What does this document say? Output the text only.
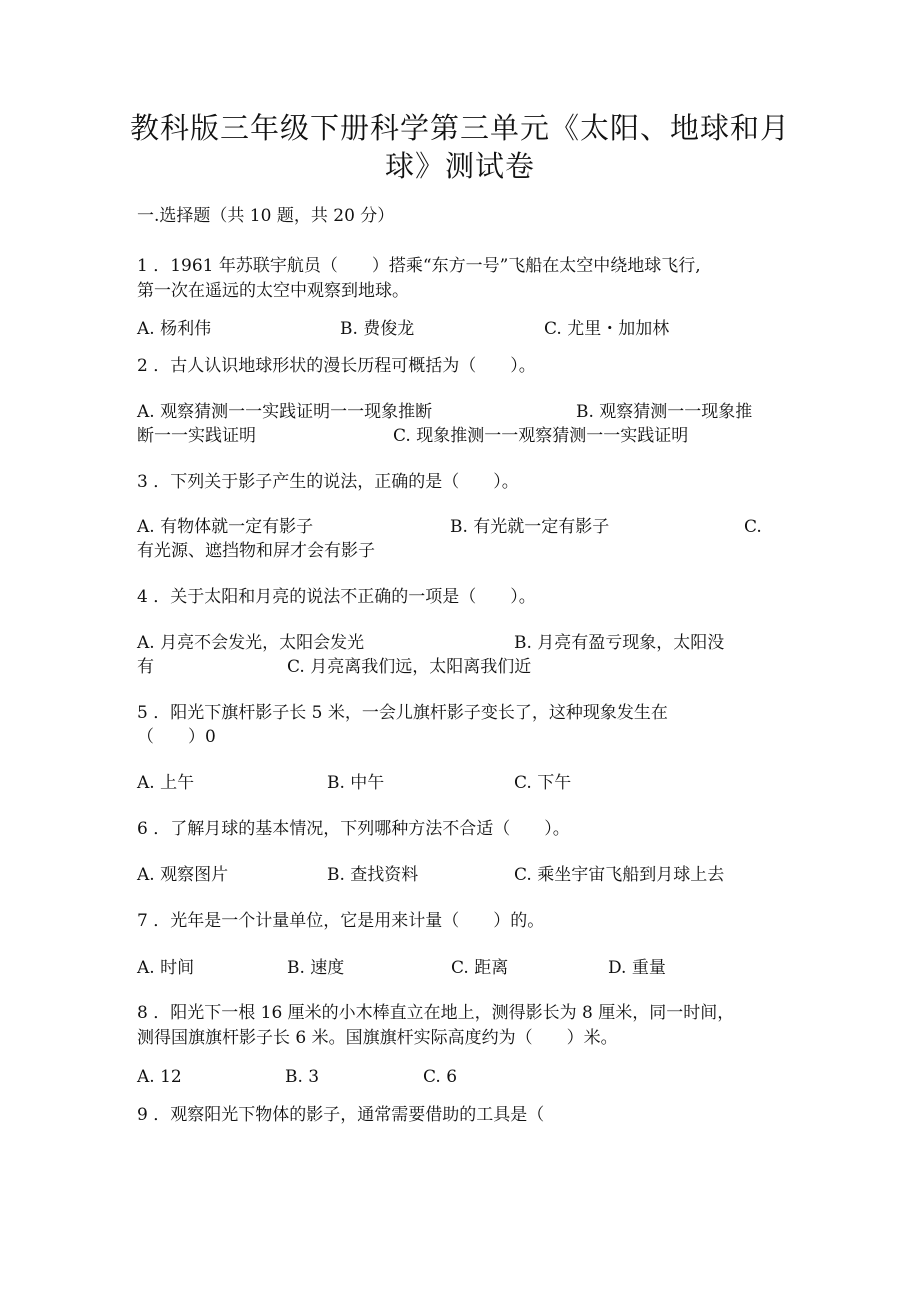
教科版三年级下册科学第三单元《太阳、地球和月
球》测试卷
一.选择题（共 10 题，共 20 分）
1 ．1961 年苏联宇航员（　　）搭乘“东方一号”飞船在太空中绕地球飞行,
第一次在遥远的太空中观察到地球。
A. 杨利伟	B. 费俊龙	C. 尤里・加加林
2 ．古人认识地球形状的漫长历程可概括为（　　）。
A. 观察猜测一一实践证明一一现象推断	B. 观察猜测一一现象推
断一一实践证明	C. 现象推测一一观察猜测一一实践证明
3 ．下列关于影子产生的说法，正确的是（　　）。
A. 有物体就一定有影子	B. 有光就一定有影子	C.
有光源、遮挡物和屏才会有影子
4 ．关于太阳和月亮的说法不正确的一项是（　　）。
A. 月亮不会发光，太阳会发光	B. 月亮有盈亏现象，太阳没
有	C. 月亮离我们远，太阳离我们近
5 ．阳光下旗杆影子长 5 米，一会儿旗杆影子变长了，这种现象发生在
（　　）0
A. 上午	B. 中午	C. 下午
6 ．了解月球的基本情况，下列哪种方法不合适（　　）。
A. 观察图片	B. 查找资料	C. 乘坐宇宙飞船到月球上去
7 ．光年是一个计量单位，它是用来计量（　　）的。
A. 时间	B. 速度	C. 距离	D. 重量
8 ．阳光下一根 16 厘米的小木棒直立在地上，测得影长为 8 厘米，同一时间，
测得国旗旗杆影子长 6 米。国旗旗杆实际高度约为（　　）米。
A. 12	B. 3	C. 6
9 ．观察阳光下物体的影子，通常需要借助的工具是（
